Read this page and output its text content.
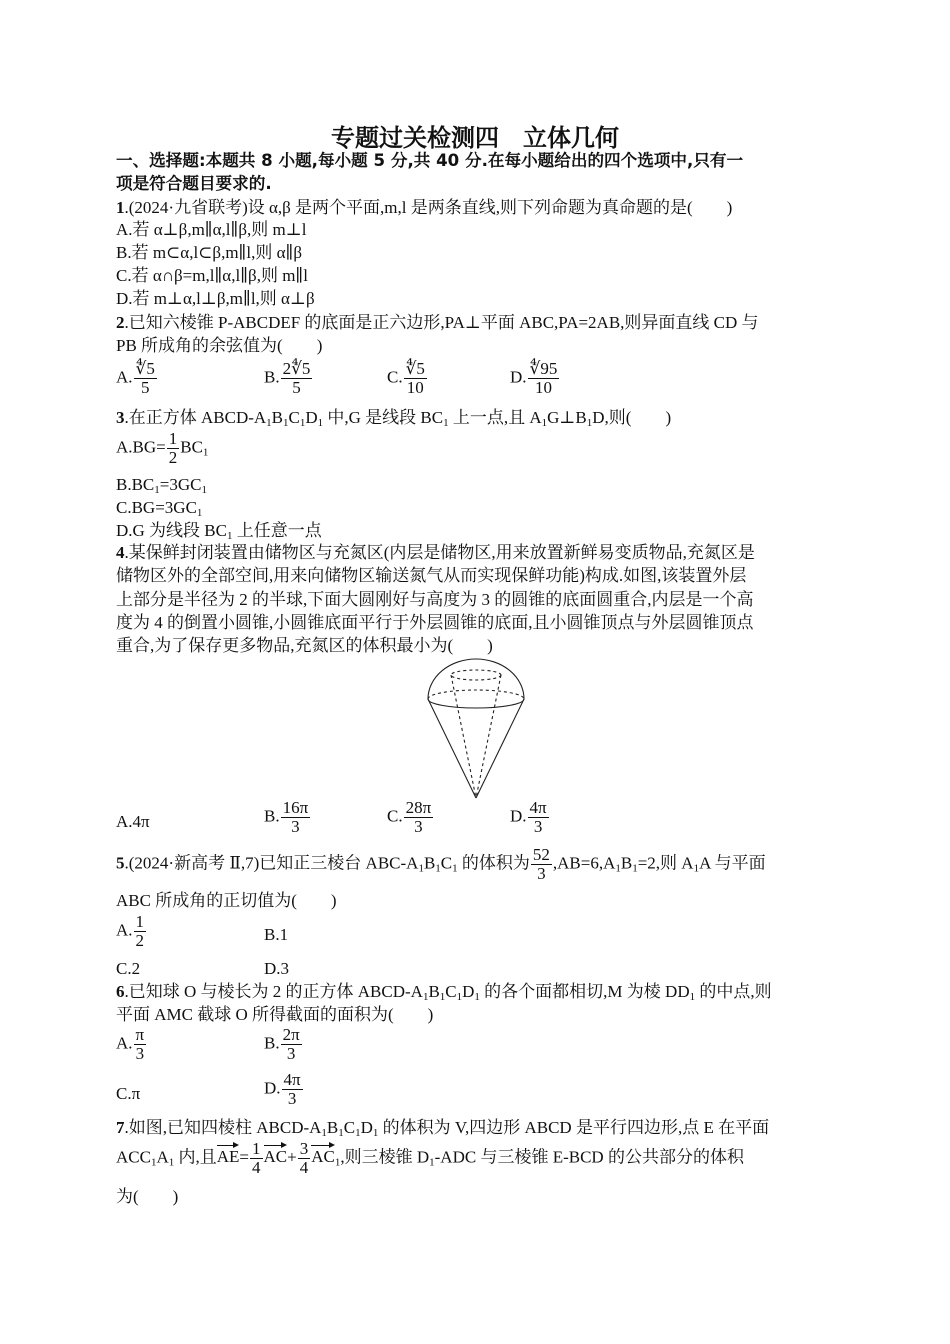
专题过关检测四　立体几何
一、选择题:本题共 8 小题,每小题 5 分,共 40 分.在每小题给出的四个选项中,只有一
项是符合题目要求的.
1.(2024·九省联考)设 α,β 是两个平面,m,l 是两条直线,则下列命题为真命题的是(　　)
A.若 α⊥β,m∥α,l∥β,则 m⊥l
B.若 m⊂α,l⊂β,m∥l,则 α∥β
C.若 α∩β=m,l∥α,l∥β,则 m∥l
D.若 m⊥α,l⊥β,m∥l,则 α⊥β
2.已知六棱锥 P-ABCDEF 的底面是正六边形,PA⊥平面 ABC,PA=2AB,则异面直线 CD 与
PB 所成角的余弦值为(　　)
A. $\frac{∜5}{5}$	B. $\frac{2∜5}{5}$	C. $\frac{∜5}{10}$	D. $\frac{∜95}{10}$
3.在正方体 ABCD-$A_1B_1C_1D_1$ 中,G 是线段 $BC_1$ 上一点,且 $A_1G\perp B_1D$,则(　　)
$A.BG= \frac{1}{2} BC_1$
$B.BC_1=3GC_1$
$C.BG=3GC_1$
D.G 为线段 $BC_1$ 上任意一点
4.某保鲜封闭装置由储物区与充氮区(内层是储物区,用来放置新鲜易变质物品,充氮区是
储物区外的全部空间,用来向储物区输送氮气从而实现保鲜功能)构成.如图,该装置外层
上部分是半径为 2 的半球,下面大圆刚好与高度为 3 的圆锥的底面圆重合,内层是一个高
度为 4 的倒置小圆锥,小圆锥底面平行于外层圆锥的底面,且小圆锥顶点与外层圆锥顶点
重合,为了保存更多物品,充氮区的体积最小为(　　)
A.4π	B. $\frac{16\pi}{3}$	C. $\frac{28\pi}{3}$	D. $\frac{4\pi}{3}$
5.(2024·新高考 Ⅱ,7)已知正三棱台 ABC-$A_1B_1C_1$ 的体积为 $\frac{52}{3} ,AB=6,A_1B_1=2$,则 $A_1A$ 与平面
ABC 所成角的正切值为(　　)
A. $\frac{1}{2}$	B.1
C.2	D.3
6.已知球 O 与棱长为 2 的正方体 ABCD-$A_1B_1C_1D_1$ 的各个面都相切,M 为棱 $DD_1$ 的中点,则
平面 AMC 截球 O 所得截面的面积为(　　)
A. $\frac{\pi}{3}$	B. $\frac{2\pi}{3}$
C.π	D. $\frac{4\pi}{3}$
7.如图,已知四棱柱 ABCD-$A_1B_1C_1D_1$ 的体积为 V,四边形 ABCD 是平行四边形,点 E 在平面
$ACC_1A_1$ 内,且$AE= \frac{1}{4} AC+ \frac{3}{4} AC_1$,则三棱锥 $D_1$-ADC 与三棱锥 E-BCD 的公共部分的体积
为(　　)
